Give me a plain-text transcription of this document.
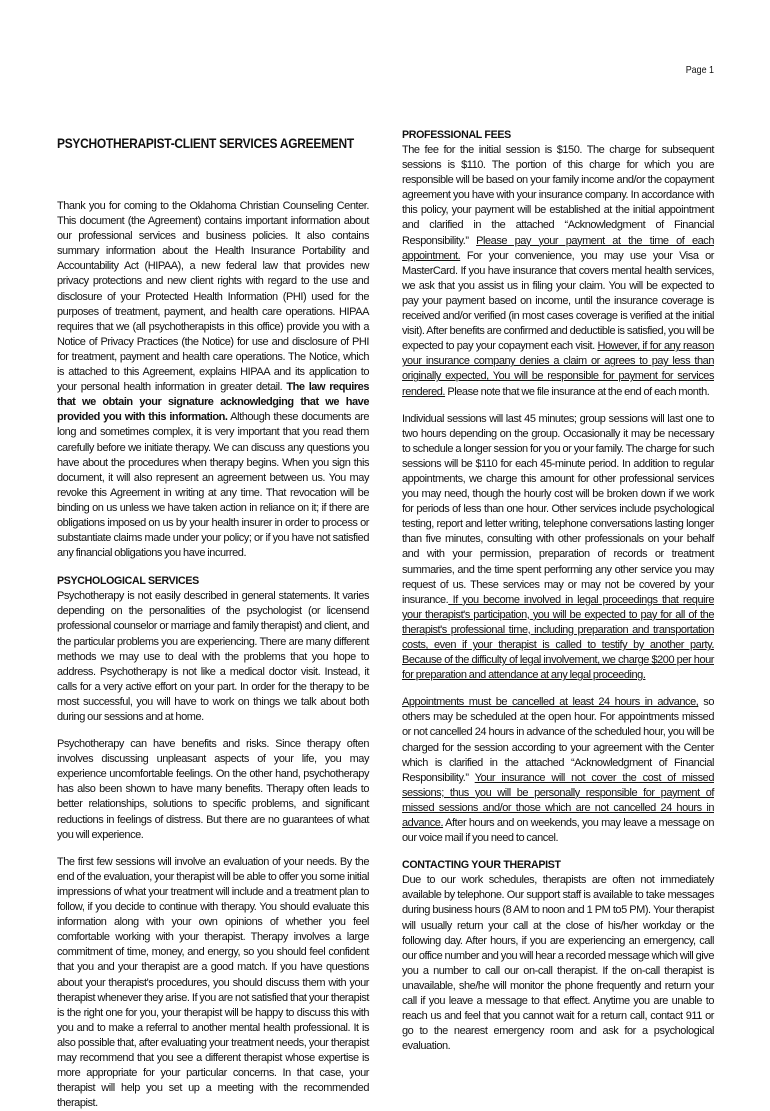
Page 1
PSYCHOTHERAPIST-CLIENT SERVICES AGREEMENT

Thank you for coming to the Oklahoma Christian Counseling Center. This document (the Agreement) contains important information about our professional services and business policies. It also contains summary information about the Health Insurance Portability and Accountability Act (HIPAA), a new federal law that provides new privacy protections and new client rights with regard to the use and disclosure of your Protected Health Information (PHI) used for the purposes of treatment, payment, and health care operations. HIPAA requires that we (all psychotherapists in this office) provide you with a Notice of Privacy Practices (the Notice) for use and disclosure of PHI for treatment, payment and health care operations. The Notice, which is attached to this Agreement, explains HIPAA and its application to your personal health information in greater detail. The law requires that we obtain your signature acknowledging that we have provided you with this information. Although these documents are long and sometimes complex, it is very important that you read them carefully before we initiate therapy. We can discuss any questions you have about the procedures when therapy begins. When you sign this document, it will also represent an agreement between us. You may revoke this Agreement in writing at any time. That revocation will be binding on us unless we have taken action in reliance on it; if there are obligations imposed on us by your health insurer in order to process or substantiate claims made under your policy; or if you have not satisfied any financial obligations you have incurred.

PSYCHOLOGICAL SERVICES

Psychotherapy is not easily described in general statements. It varies depending on the personalities of the psychologist (or licensend professional counselor or marriage and family therapist) and client, and the particular problems you are experiencing. There are many different methods we may use to deal with the problems that you hope to address. Psychotherapy is not like a medical doctor visit. Instead, it calls for a very active effort on your part. In order for the therapy to be most successful, you will have to work on things we talk about both during our sessions and at home.

Psychotherapy can have benefits and risks. Since therapy often involves discussing unpleasant aspects of your life, you may experience uncomfortable feelings. On the other hand, psychotherapy has also been shown to have many benefits. Therapy often leads to better relationships, solutions to specific problems, and significant reductions in feelings of distress. But there are no guarantees of what you will experience.

The first few sessions will involve an evaluation of your needs. By the end of the evaluation, your therapist will be able to offer you some initial impressions of what your treatment will include and a treatment plan to follow, if you decide to continue with therapy. You should evaluate this information along with your own opinions of whether you feel comfortable working with your therapist. Therapy involves a large commitment of time, money, and energy, so you should feel confident that you and your therapist are a good match. If you have questions about your therapist's procedures, you should discuss them with your therapist whenever they arise. If you are not satisfied that your therapist is the right one for you, your therapist will be happy to discuss this with you and to make a referral to another mental health professional. It is also possible that, after evaluating your treatment needs, your therapist may recommend that you see a different therapist whose expertise is more appropriate for your particular concerns. In that case, your therapist will help you set up a meeting with the recommended therapist.

PROFESSIONAL FEES

The fee for the initial session is $150. The charge for subsequent sessions is $110. The portion of this charge for which you are responsible will be based on your family income and/or the copayment agreement you have with your insurance company. In accordance with this policy, your payment will be established at the initial appointment and clarified in the attached “Acknowledgment of Financial Responsibility.” Please pay your payment at the time of each appointment. For your convenience, you may use your Visa or MasterCard. If you have insurance that covers mental health services, we ask that you assist us in filing your claim. You will be expected to pay your payment based on income, until the insurance coverage is received and/or verified (in most cases coverage is verified at the initial visit). After benefits are confirmed and deductible is satisfied, you will be expected to pay your copayment each visit. However, if for any reason your insurance company denies a claim or agrees to pay less than originally expected, You will be responsible for payment for services rendered. Please note that we file insurance at the end of each month.

Individual sessions will last 45 minutes; group sessions will last one to two hours depending on the group. Occasionally it may be necessary to schedule a longer session for you or your family. The charge for such sessions will be $110 for each 45-minute period. In addition to regular appointments, we charge this amount for other professional services you may need, though the hourly cost will be broken down if we work for periods of less than one hour. Other services include psychological testing, report and letter writing, telephone conversations lasting longer than five minutes, consulting with other professionals on your behalf and with your permission, preparation of records or treatment summaries, and the time spent performing any other service you may request of us. These services may or may not be covered by your insurance. If you become involved in legal proceedings that require your therapist's participation, you will be expected to pay for all of the therapist's professional time, including preparation and transportation costs, even if your therapist is called to testify by another party. Because of the difficulty of legal involvement, we charge $200 per hour for preparation and attendance at any legal proceeding.

Appointments must be cancelled at least 24 hours in advance, so others may be scheduled at the open hour. For appointments missed or not cancelled 24 hours in advance of the scheduled hour, you will be charged for the session according to your agreement with the Center which is clarified in the attached “Acknowledgment of Financial Responsibility.” Your insurance will not cover the cost of missed sessions; thus you will be personally responsible for payment of missed sessions and/or those which are not cancelled 24 hours in advance. After hours and on weekends, you may leave a message on our voice mail if you need to cancel.

CONTACTING YOUR THERAPIST

Due to our work schedules, therapists are often not immediately available by telephone. Our support staff is available to take messages during business hours (8 AM to noon and 1 PM to5 PM). Your therapist will usually return your call at the close of his/her workday or the following day. After hours, if you are experiencing an emergency, call our office number and you will hear a recorded message which will give you a number to call our on-call therapist. If the on-call therapist is unavailable, she/he will monitor the phone frequently and return your call if you leave a message to that effect. Anytime you are unable to reach us and feel that you cannot wait for a return call, contact 911 or go to the nearest emergency room and ask for a psychological evaluation.
